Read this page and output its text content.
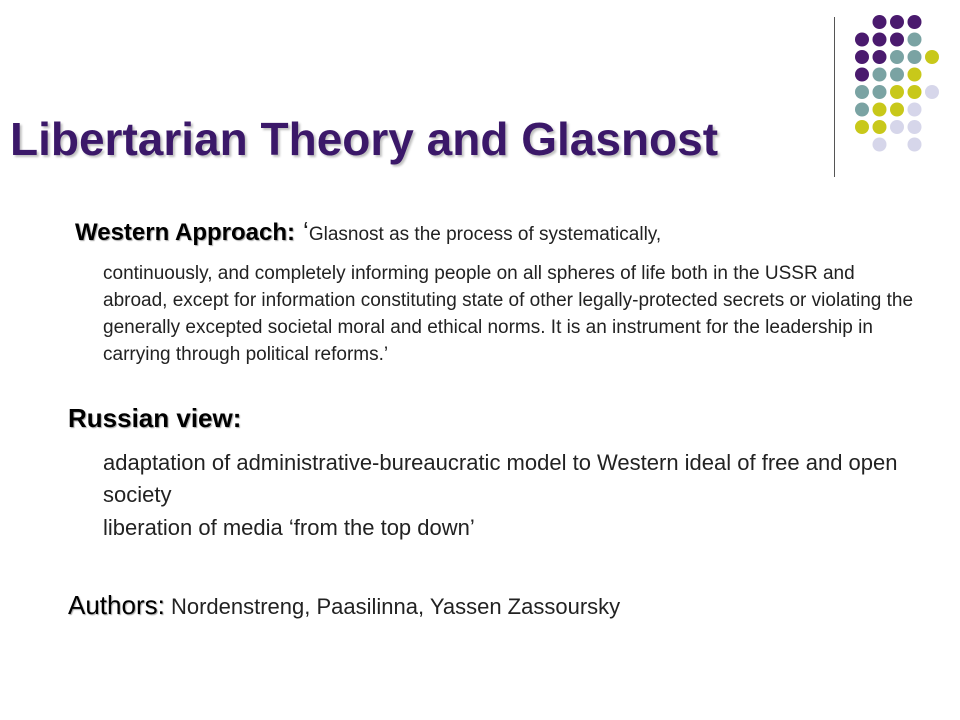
Libertarian Theory and Glasnost
Western Approach: ‘Glasnost as the process of systematically,
continuously, and completely informing people on all spheres of life both in the USSR and abroad, except for information constituting state of other legally-protected secrets or violating the generally excepted societal moral and ethical norms. It is an instrument for the leadership in carrying through political reforms.’
Russian view:
adaptation of administrative-bureaucratic model to Western ideal of free and open society
liberation of media ‘from the top down’
Authors: Nordenstreng, Paasilinna, Yassen Zassoursky
